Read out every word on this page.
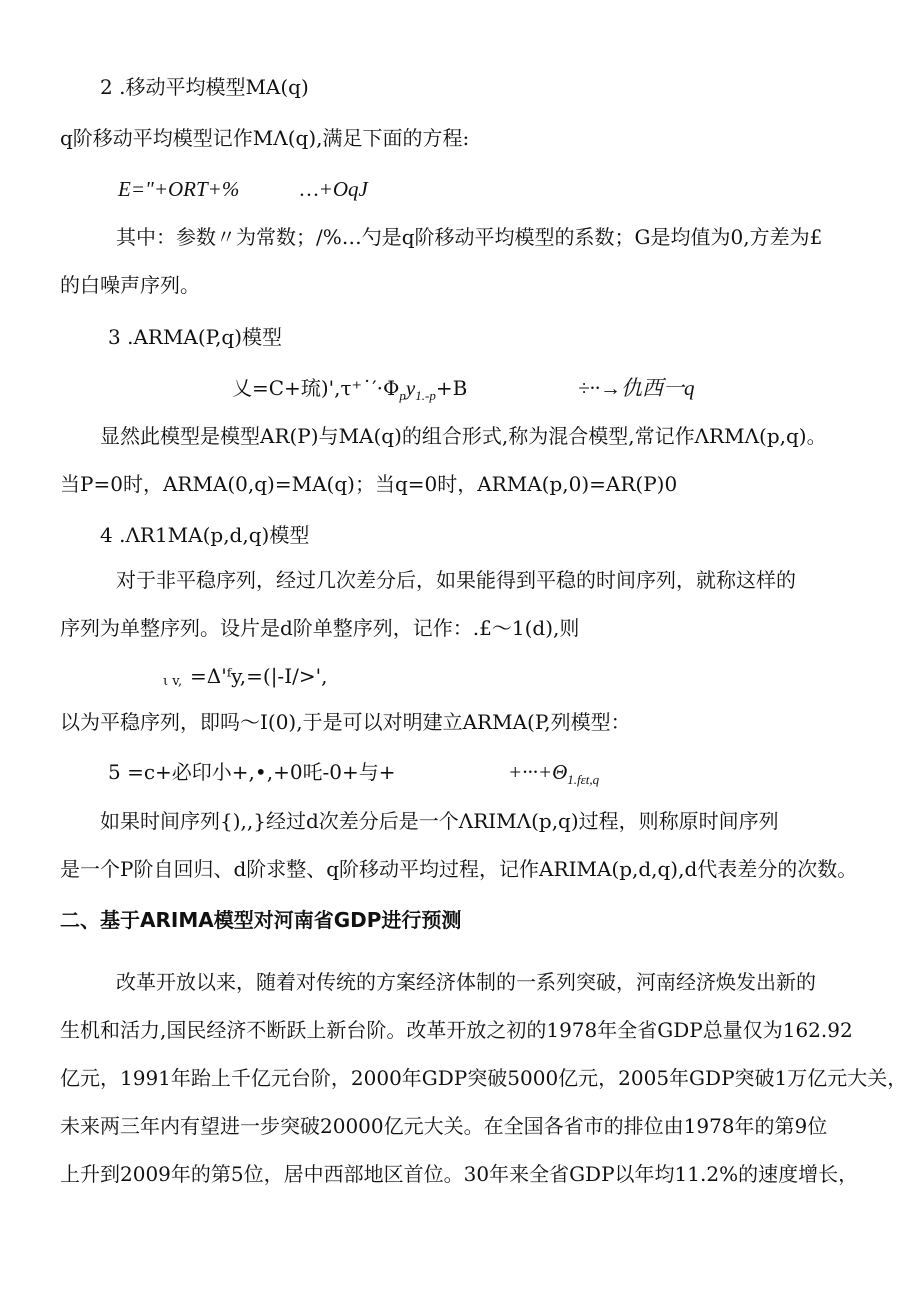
2 .移动平均模型MA(q)
q阶移动平均模型记作MΛ(q),满足下面的方程:
E="+ORT+%	…+OqJ
其中：参数〃为常数；/%…勺是q阶移动平均模型的系数；G是均值为0,方差为£
的白噪声序列。
3 .ARMA(P,q)模型
乂=C+琉)'$,\tau^+˙'\cdot\Phi_py_{1.-p}+B$	÷··→仇西一q
显然此模型是模型AR(P)与MA(q)的组合形式,称为混合模型,常记作ΛRMΛ(p,q)。
当P=0时，ARMA(0,q)=MA(q)；当q=0时，ARMA(p,0)=AR(P)0
4 .ΛR1MA(p,d,q)模型
对于非平稳序列，经过几次差分后，如果能得到平稳的时间序列，就称这样的
序列为单整序列。设片是d阶单整序列，记作：.£～1(d),则
ι v, =Δ'ᶠy,=(|-I/>',
以为平稳序列，即吗～I(0),于是可以对明建立ARMA(P,列模型：
5 =c+必印小+,•,+0吒-0+与+	$+\cdot\cdot\cdot+\Theta_{1.f\varepsilon t,q}$
如果时间序列{),,}经过d次差分后是一个ΛRIMΛ(p,q)过程，则称原时间序列
是一个P阶自回归、d阶求整、q阶移动平均过程，记作ARIMA(p,d,q),d代表差分的次数。
二、基于ARIMA模型对河南省GDP进行预测
改革开放以来，随着对传统的方案经济体制的一系列突破，河南经济焕发出新的
生机和活力,国民经济不断跃上新台阶。改革开放之初的1978年全省GDP总量仅为162.92
亿元，1991年跆上千亿元台阶，2000年GDP突破5000亿元，2005年GDP突破1万亿元大关，
未来两三年内有望进一步突破20000亿元大关。在全国各省市的排位由1978年的第9位
上升到2009年的第5位，居中西部地区首位。30年来全省GDP以年均11.2%的速度增长，
